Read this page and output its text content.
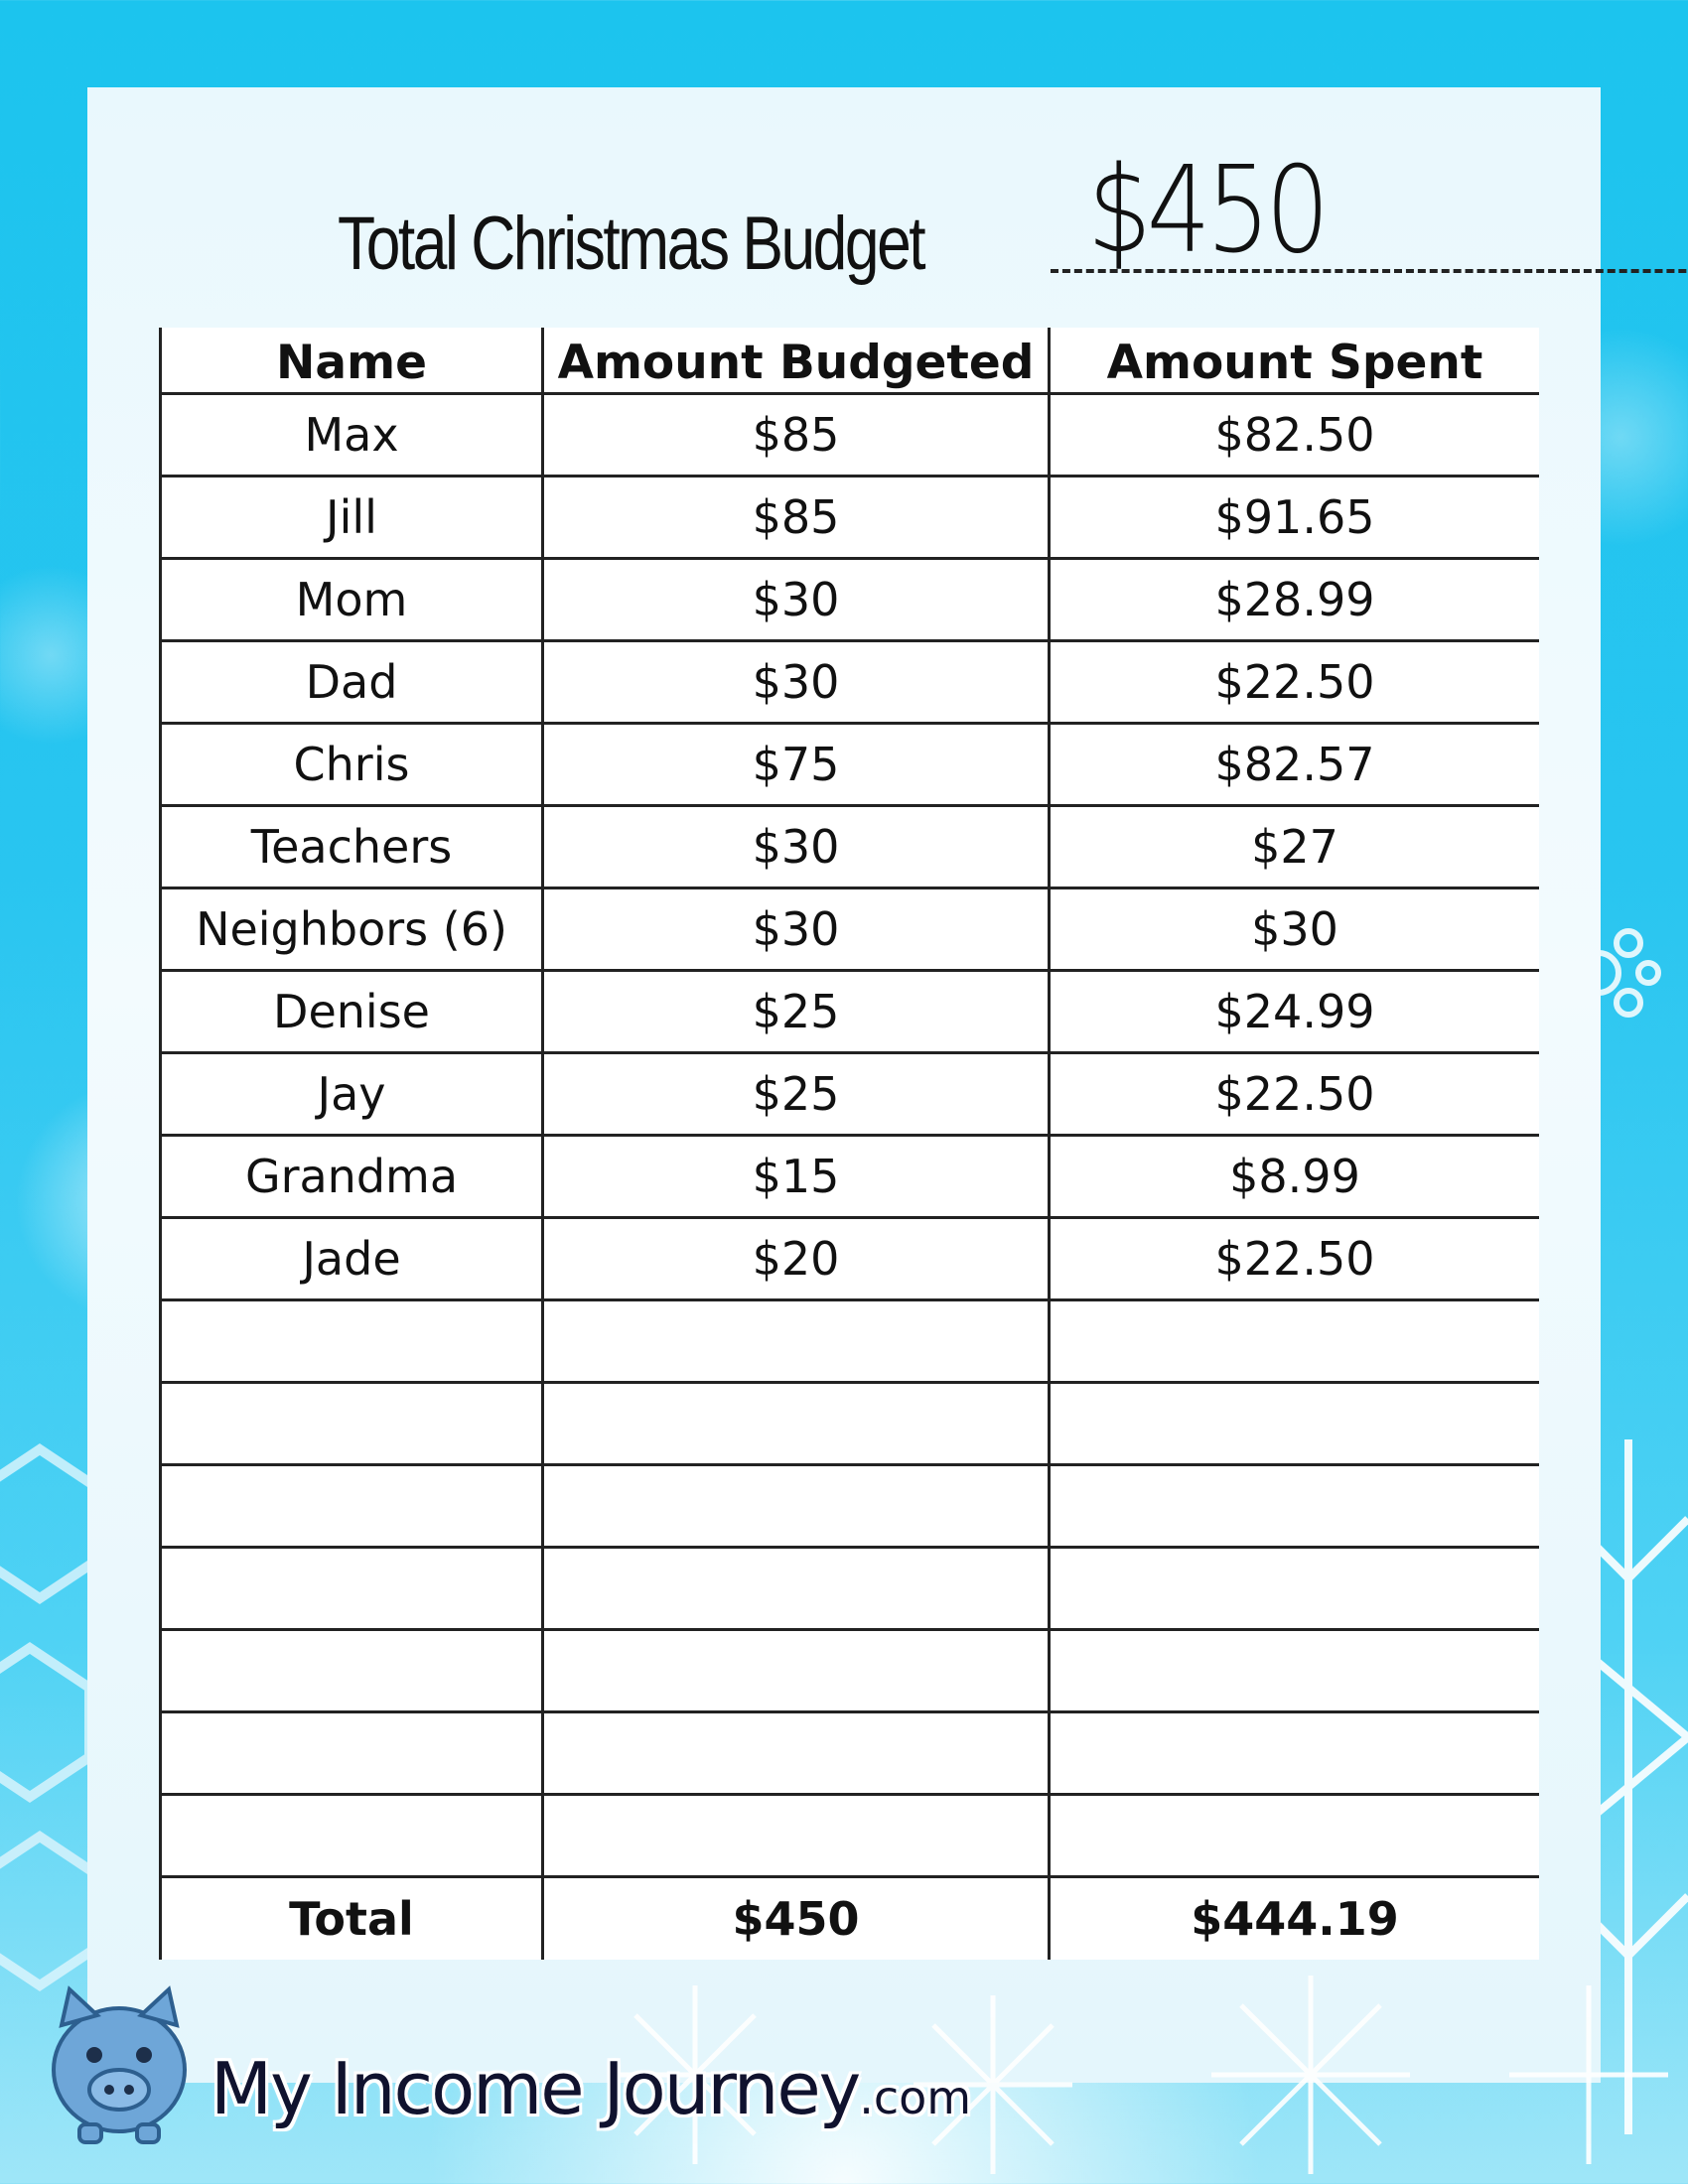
Total Christmas Budget $450
Name	Amount Budgeted	Amount Spent
Max	$85	$82.50
Jill	$85	$91.65
Mom	$30	$28.99
Dad	$30	$22.50
Chris	$75	$82.57
Teachers	$30	$27
Neighbors (6)	$30	$30
Denise	$25	$24.99
Jay	$25	$22.50
Grandma	$15	$8.99
Jade	$20	$22.50

Total	$450	$444.19
My Income Journey.com
